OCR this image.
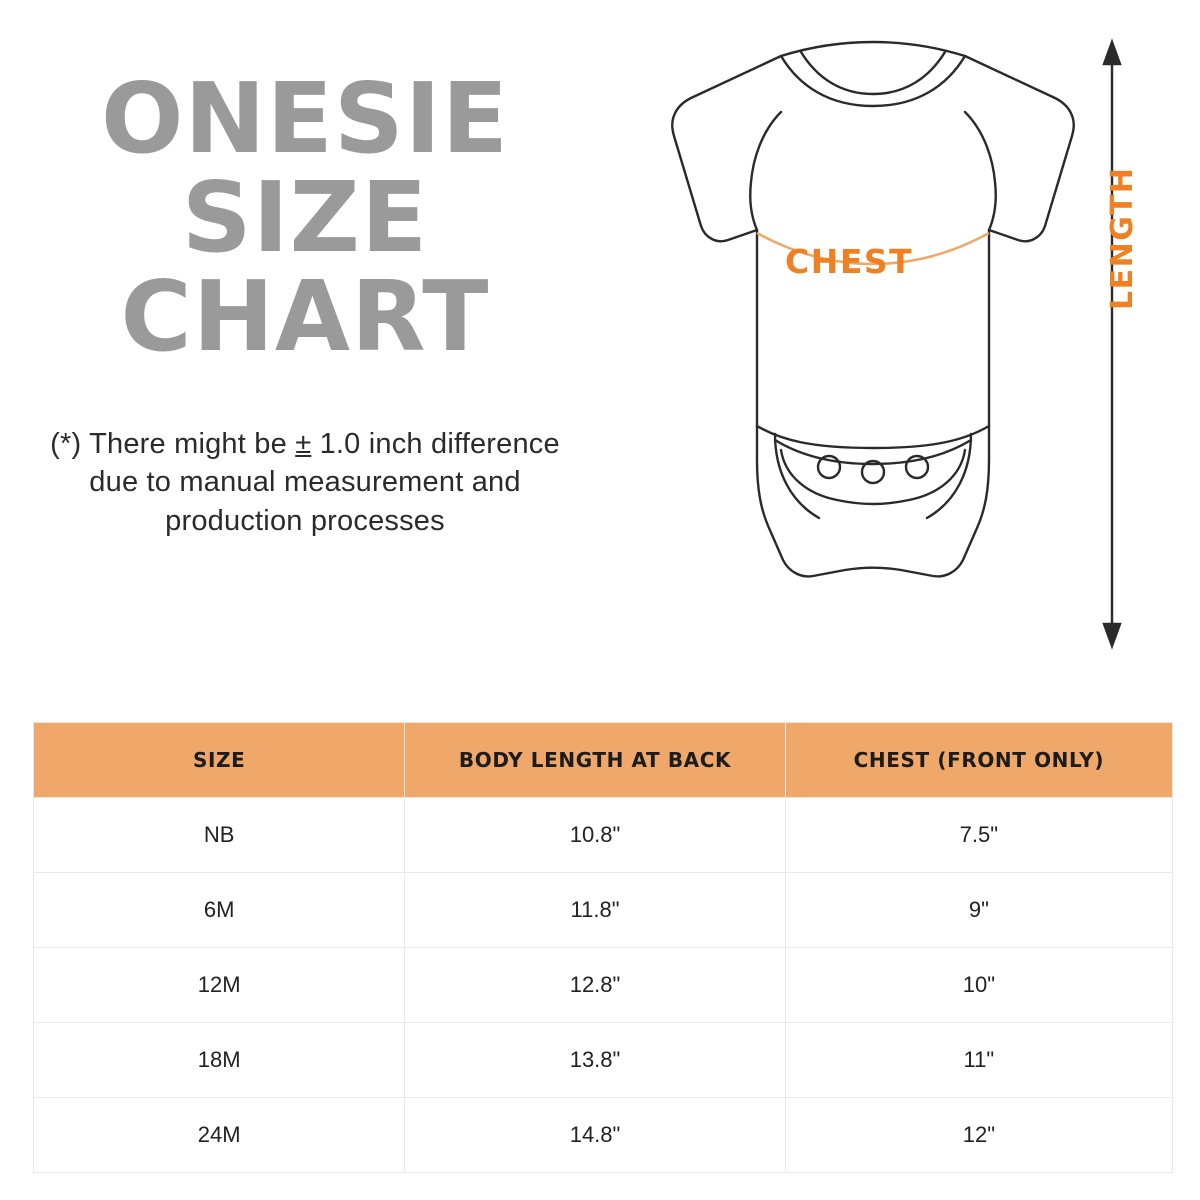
ONESIE
SIZE
CHART
(*) There might be ± 1.0 inch difference due to manual measurement and production processes
CHEST	LENGTH
SIZE	BODY LENGTH AT BACK	CHEST (FRONT ONLY)
NB	10.8"	7.5"
6M	11.8"	9"
12M	12.8"	10"
18M	13.8"	11"
24M	14.8"	12"
